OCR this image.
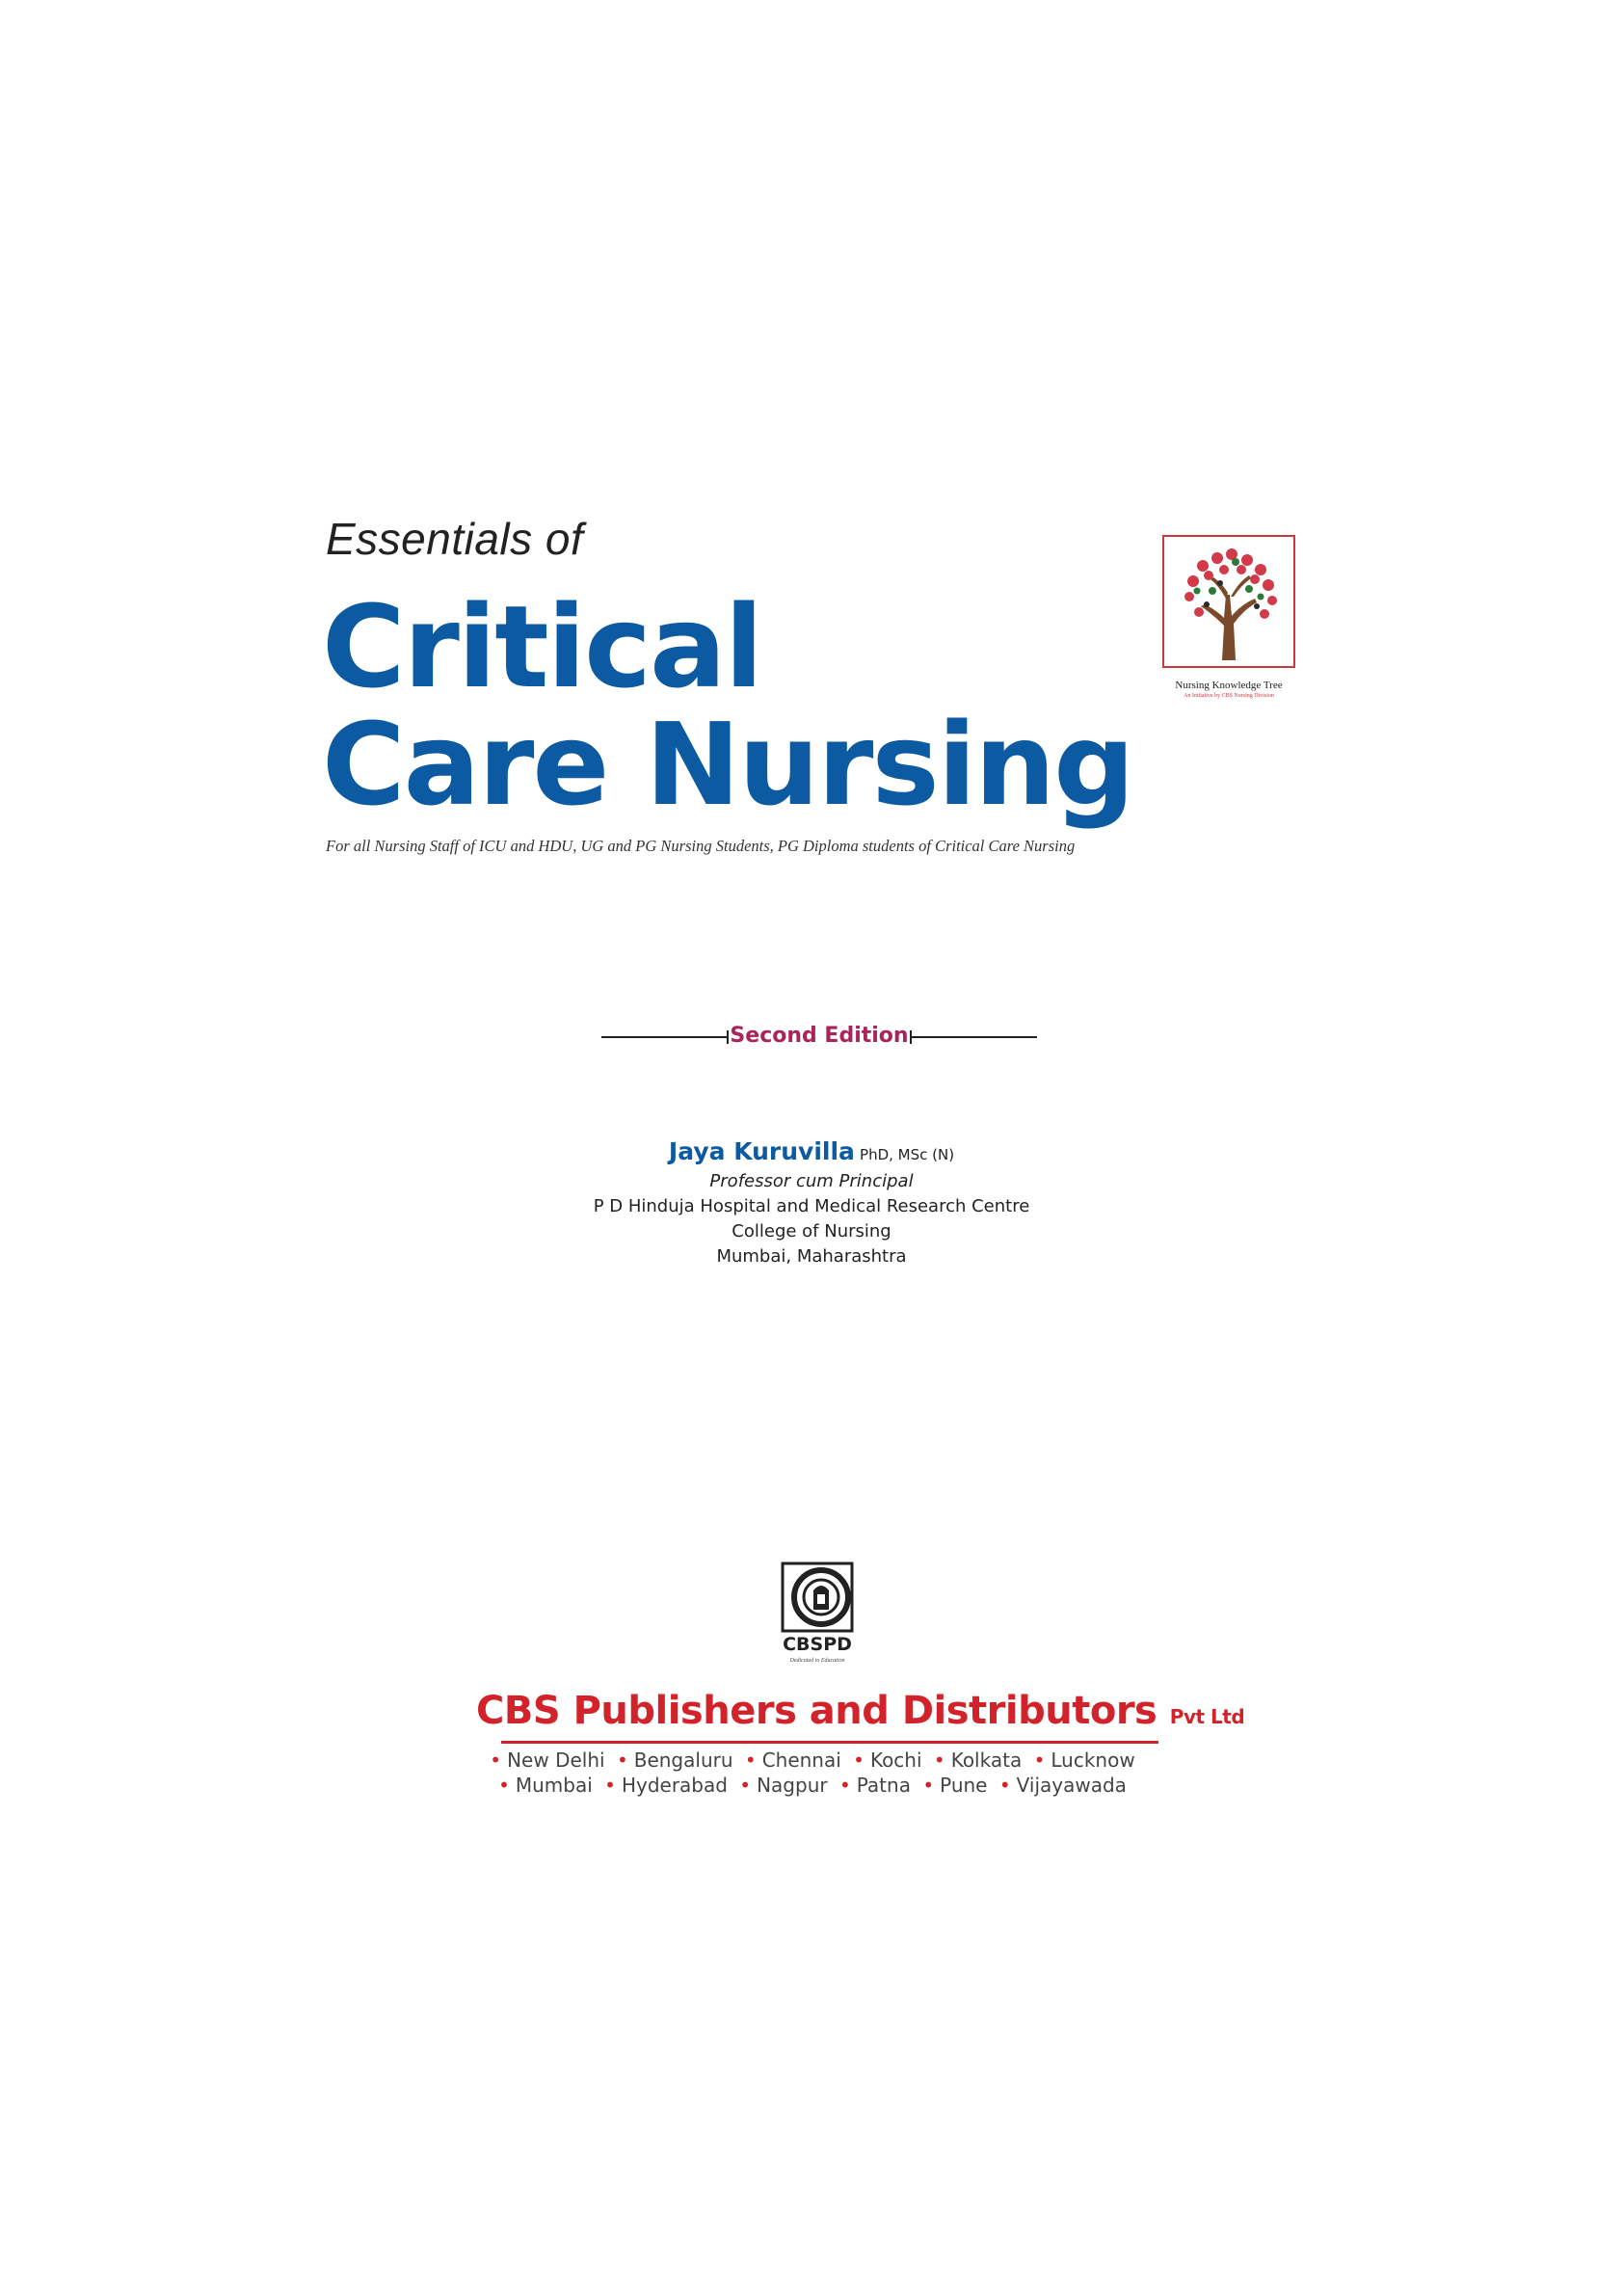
Essentials of
Critical
Care Nursing
For all Nursing Staff of ICU and HDU, UG and PG Nursing Students, PG Diploma students of Critical Care Nursing
Nursing Knowledge Tree
An Initiative by CBS Nursing Division
Second Edition
Jaya Kuruvilla PhD, MSc (N)
Professor cum Principal
P D Hinduja Hospital and Medical Research Centre
College of Nursing
Mumbai, Maharashtra
CBSPD
Dedicated to Education
CBS Publishers and Distributors Pvt Ltd
• New Delhi • Bengaluru • Chennai • Kochi • Kolkata • Lucknow
• Mumbai • Hyderabad • Nagpur • Patna • Pune • Vijayawada
